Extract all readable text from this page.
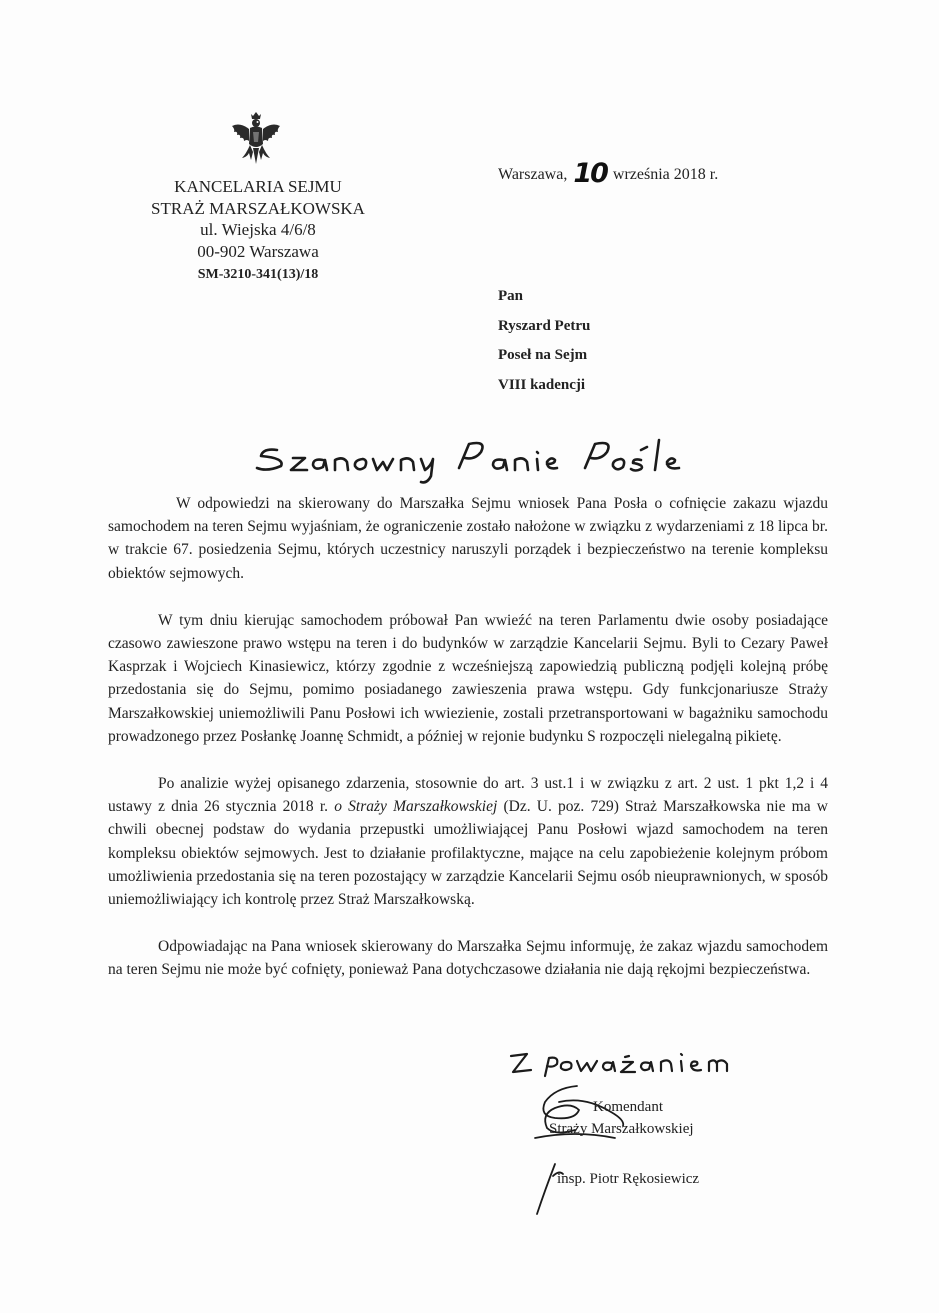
KANCELARIA SEJMU
STRAŻ MARSZAŁKOWSKA
ul. Wiejska 4/6/8
00-902 Warszawa
SM-3210-341(13)/18
Warszawa, 10 września 2018 r.
Pan
Ryszard Petru
Poseł na Sejm
VIII kadencji

W odpowiedzi na skierowany do Marszałka Sejmu wniosek Pana Posła o cofnięcie zakazu wjazdu samochodem na teren Sejmu wyjaśniam, że ograniczenie zostało nałożone w związku z wydarzeniami z 18 lipca br. w trakcie 67. posiedzenia Sejmu, których uczestnicy naruszyli porządek i bezpieczeństwo na terenie kompleksu obiektów sejmowych.

W tym dniu kierując samochodem próbował Pan wwieźć na teren Parlamentu dwie osoby posiadające czasowo zawieszone prawo wstępu na teren i do budynków w zarządzie Kancelarii Sejmu. Byli to Cezary Paweł Kasprzak i Wojciech Kinasiewicz, którzy zgodnie z wcześniejszą zapowiedzią publiczną podjęli kolejną próbę przedostania się do Sejmu, pomimo posiadanego zawieszenia prawa wstępu. Gdy funkcjonariusze Straży Marszałkowskiej uniemożliwili Panu Posłowi ich wwiezienie, zostali przetransportowani w bagażniku samochodu prowadzonego przez Posłankę Joannę Schmidt, a później w rejonie budynku S rozpoczęli nielegalną pikietę.

Po analizie wyżej opisanego zdarzenia, stosownie do art. 3 ust.1 i w związku z art. 2 ust. 1 pkt 1,2 i 4 ustawy z dnia 26 stycznia 2018 r. o Straży Marszałkowskiej (Dz. U. poz. 729) Straż Marszałkowska nie ma w chwili obecnej podstaw do wydania przepustki umożliwiającej Panu Posłowi wjazd samochodem na teren kompleksu obiektów sejmowych. Jest to działanie profilaktyczne, mające na celu zapobieżenie kolejnym próbom umożliwienia przedostania się na teren pozostający w zarządzie Kancelarii Sejmu osób nieuprawnionych, w sposób uniemożliwiający ich kontrolę przez Straż Marszałkowską.

Odpowiadając na Pana wniosek skierowany do Marszałka Sejmu informuję, że zakaz wjazdu samochodem na teren Sejmu nie może być cofnięty, ponieważ Pana dotychczasowe działania nie dają rękojmi bezpieczeństwa.

Komendant
Straży Marszałkowskiej
insp. Piotr Rękosiewicz
